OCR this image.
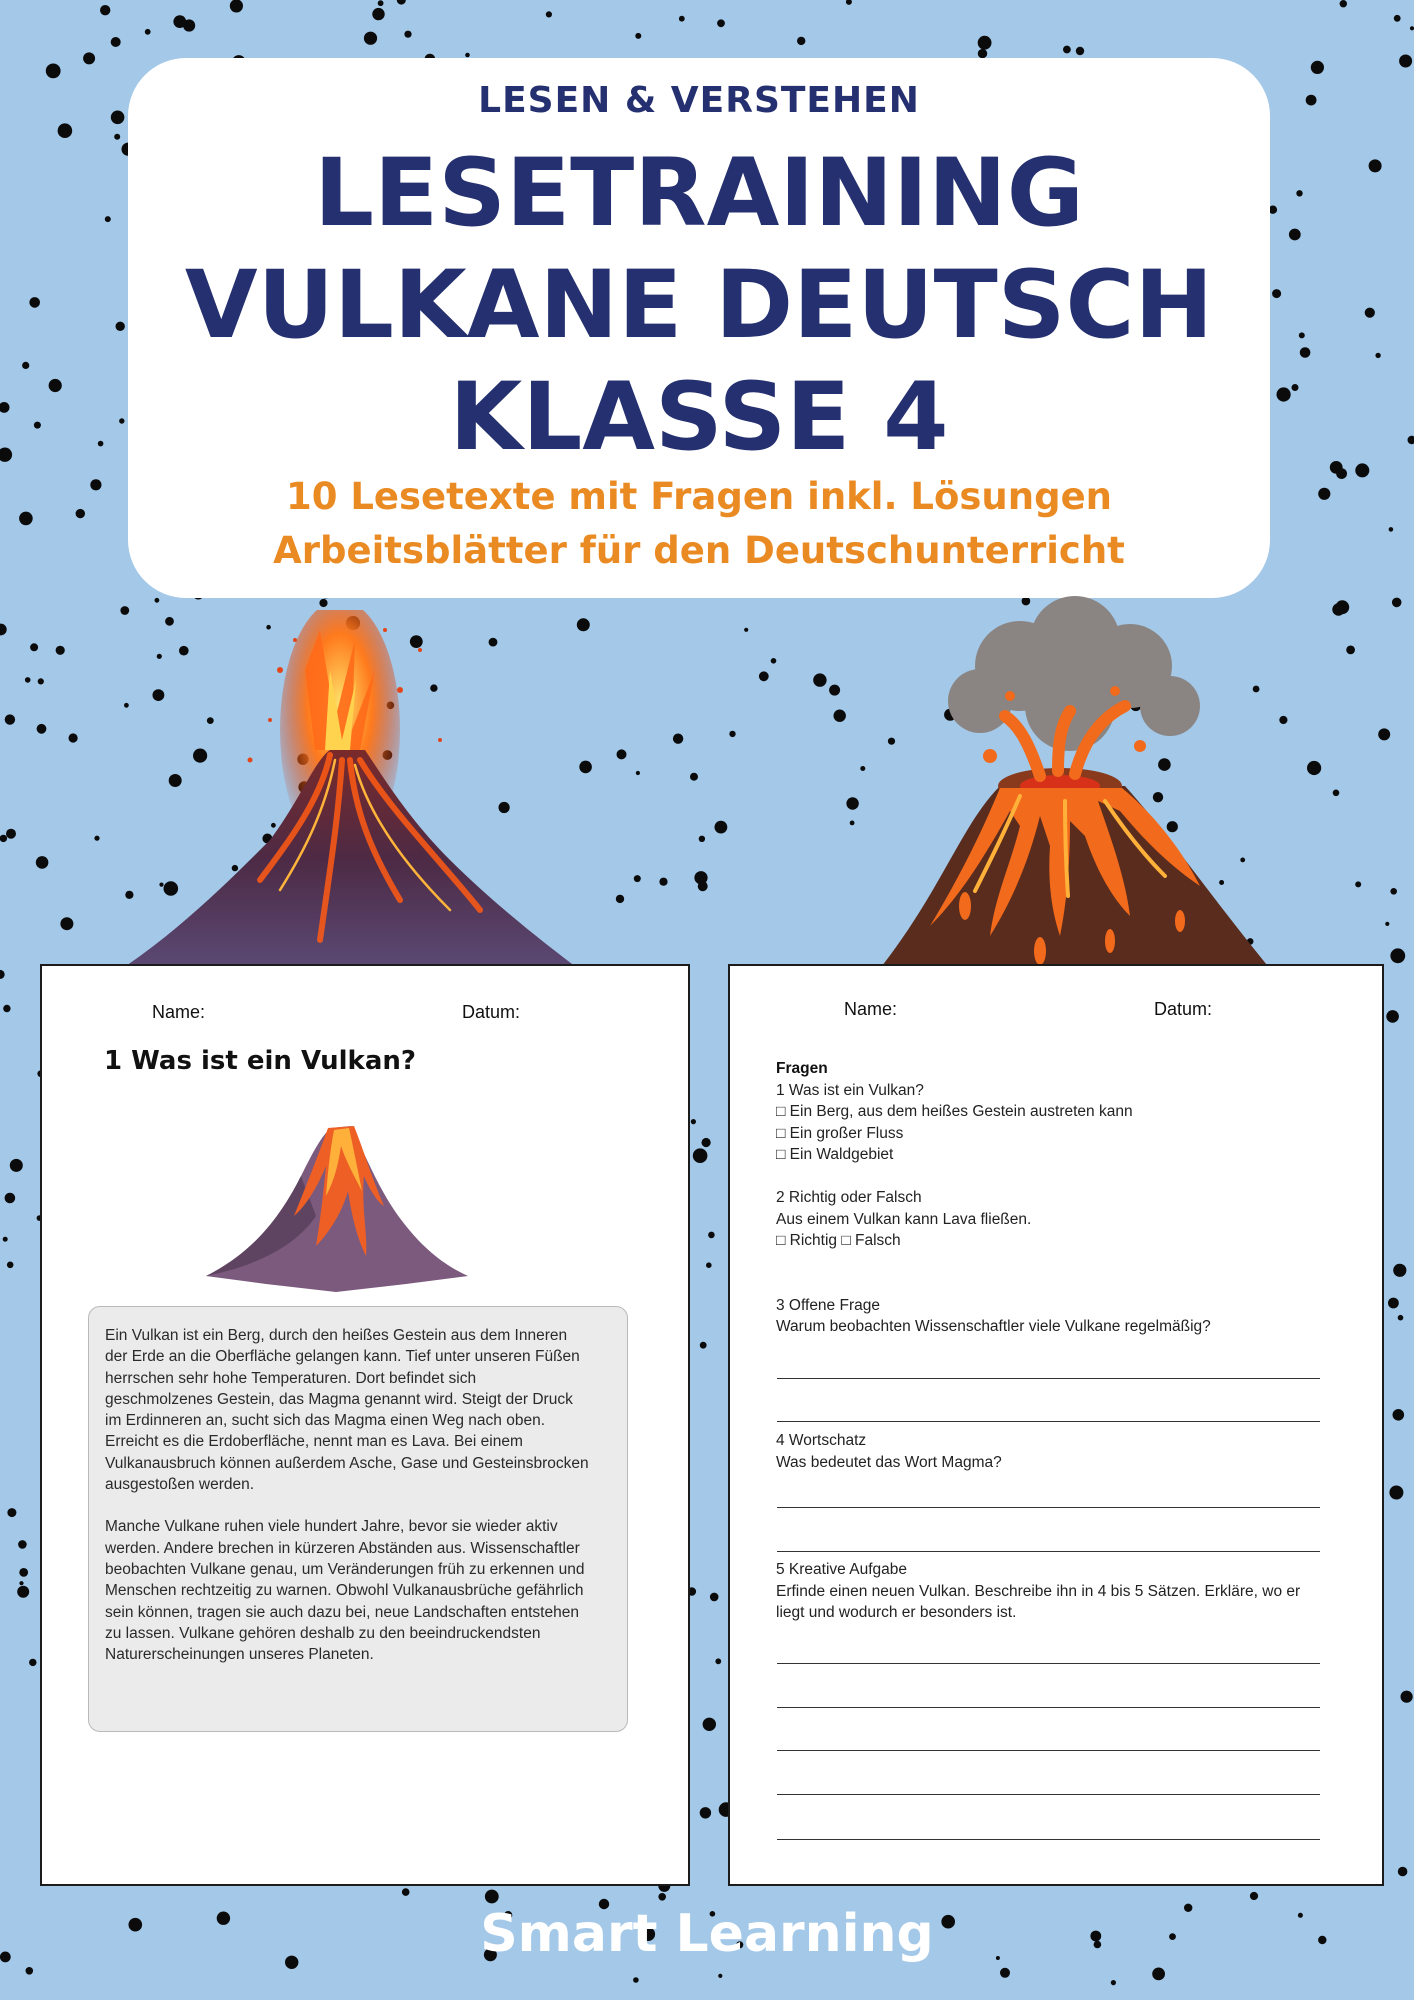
LESEN & VERSTEHEN
LESETRAINING
VULKANE DEUTSCH
KLASSE 4
10 Lesetexte mit Fragen inkl. Lösungen
Arbeitsblätter für den Deutschunterricht
Name:	Datum:
1 Was ist ein Vulkan?

Ein Vulkan ist ein Berg, durch den heißes Gestein aus dem Inneren
der Erde an die Oberfläche gelangen kann. Tief unter unseren Füßen
herrschen sehr hohe Temperaturen. Dort befindet sich
geschmolzenes Gestein, das Magma genannt wird. Steigt der Druck
im Erdinneren an, sucht sich das Magma einen Weg nach oben.
Erreicht es die Erdoberfläche, nennt man es Lava. Bei einem
Vulkanausbruch können außerdem Asche, Gase und Gesteinsbrocken
ausgestoßen werden.

Manche Vulkane ruhen viele hundert Jahre, bevor sie wieder aktiv
werden. Andere brechen in kürzeren Abständen aus. Wissenschaftler
beobachten Vulkane genau, um Veränderungen früh zu erkennen und
Menschen rechtzeitig zu warnen. Obwohl Vulkanausbrüche gefährlich
sein können, tragen sie auch dazu bei, neue Landschaften entstehen
zu lassen. Vulkane gehören deshalb zu den beeindruckendsten
Naturerscheinungen unseres Planeten.

Name:	Datum:
Fragen
1 Was ist ein Vulkan?
□ Ein Berg, aus dem heißes Gestein austreten kann
□ Ein großer Fluss
□ Ein Waldgebiet
2 Richtig oder Falsch
Aus einem Vulkan kann Lava fließen.
□ Richtig □ Falsch
3 Offene Frage
Warum beobachten Wissenschaftler viele Vulkane regelmäßig?
4 Wortschatz
Was bedeutet das Wort Magma?
5 Kreative Aufgabe
Erfinde einen neuen Vulkan. Beschreibe ihn in 4 bis 5 Sätzen. Erkläre, wo er
liegt und wodurch er besonders ist.
Smart Learning
